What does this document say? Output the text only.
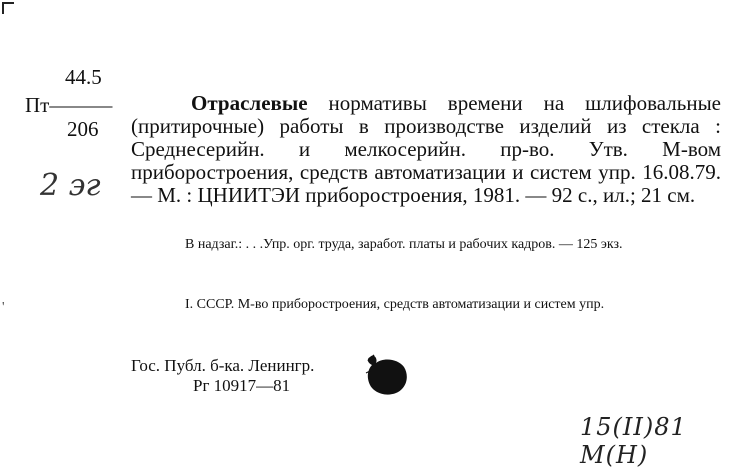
'
44.5
Пт———
206
2 эг
Отраслевые нормативы времени на шлифовальные (притирочные) работы в производстве изделий из стекла : Среднесерийн. и мелкосерийн. пр-во. Утв. М-вом приборостроения, средств автоматизации и систем упр. 16.08.79. — М. : ЦНИИТЭИ приборостроения, 1981. — 92 с., ил.; 21 см.
В надзаг.: . . .Упр. орг. труда, заработ. платы и рабочих кадров. — 125 экз.
I. СССР. М-во приборостроения, средств автоматизации и систем упр.
Гос. Публ. б-ка. Ленингр.
Рг 10917—81
15(II)81 М(Н)
